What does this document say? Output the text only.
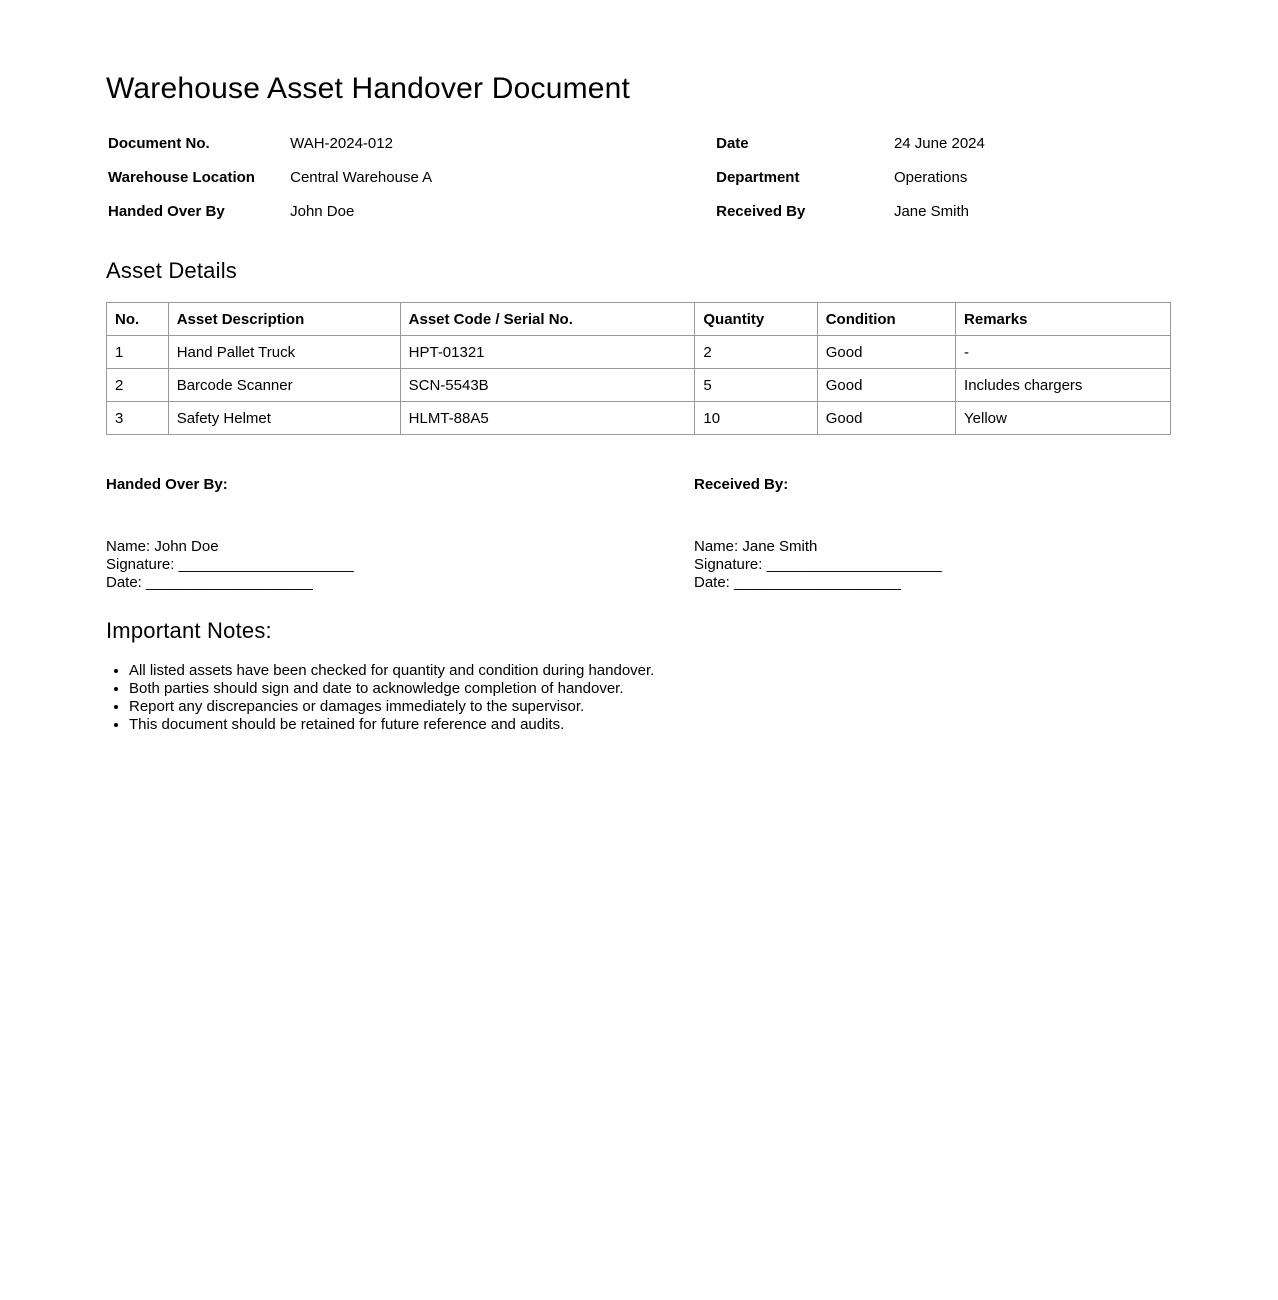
Warehouse Asset Handover Document
Document No.	WAH-2024-012	Date	24 June 2024
Warehouse Location	Central Warehouse A	Department	Operations
Handed Over By	John Doe	Received By	Jane Smith
Asset Details
No.	Asset Description	Asset Code / Serial No.	Quantity	Condition	Remarks
1	Hand Pallet Truck	HPT-01321	2	Good	-
2	Barcode Scanner	SCN-5543B	5	Good	Includes chargers
3	Safety Helmet	HLMT-88A5	10	Good	Yellow

Handed Over By:

Name: John Doe
Signature: _____________________
Date: ____________________

Received By:

Name: Jane Smith
Signature: _____________________
Date: ____________________
Important Notes:
• All listed assets have been checked for quantity and condition during handover.
• Both parties should sign and date to acknowledge completion of handover.
• Report any discrepancies or damages immediately to the supervisor.
• This document should be retained for future reference and audits.
